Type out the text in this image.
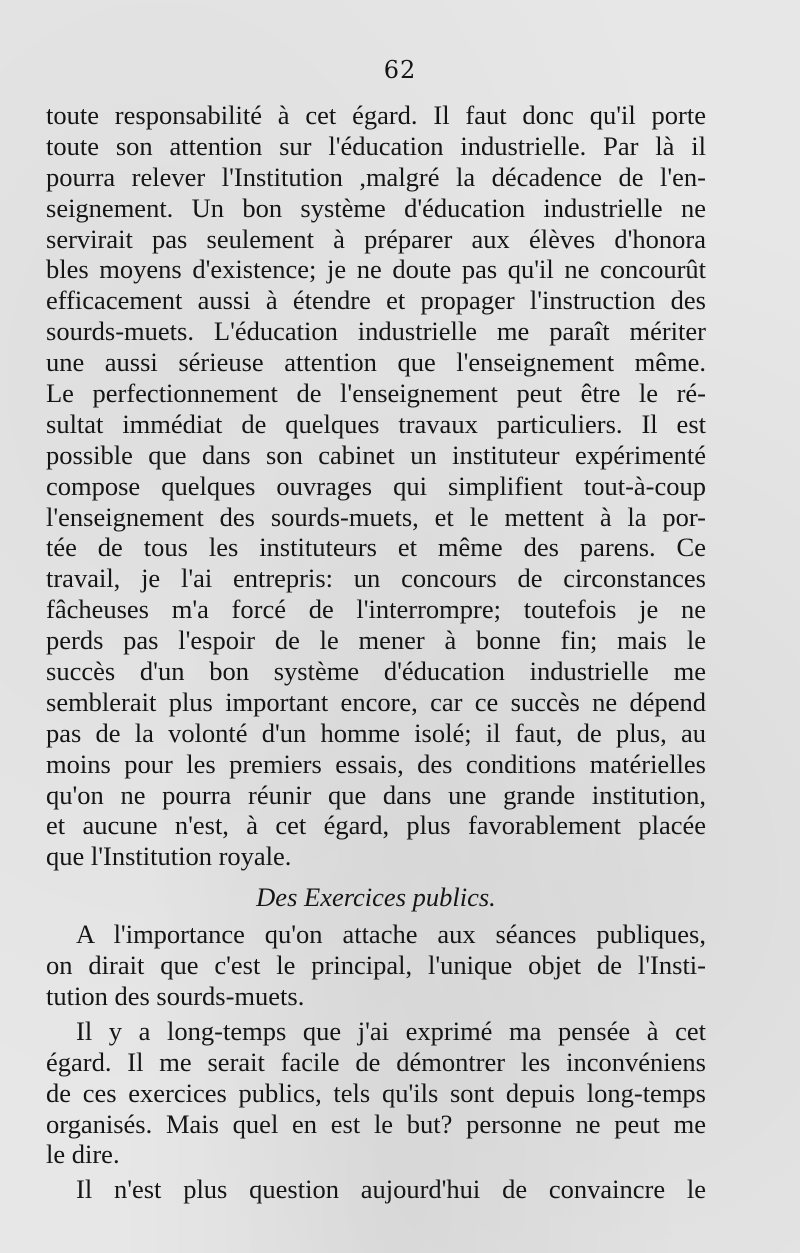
62
toute responsabilité à cet égard. Il faut donc qu'il porte
toute son attention sur l'éducation industrielle. Par là il
pourra relever l'Institution ,malgré la décadence de l'en-
seignement. Un bon système d'éducation industrielle ne
servirait pas seulement à préparer aux élèves d'honora
bles moyens d'existence; je ne doute pas qu'il ne concourût
efficacement aussi à étendre et propager l'instruction des
sourds-muets. L'éducation industrielle me paraît mériter
une aussi sérieuse attention que l'enseignement même.
Le perfectionnement de l'enseignement peut être le ré-
sultat immédiat de quelques travaux particuliers. Il est
possible que dans son cabinet un instituteur expérimenté
compose quelques ouvrages qui simplifient tout-à-coup
l'enseignement des sourds-muets, et le mettent à la por-
tée de tous les instituteurs et même des parens. Ce
travail, je l'ai entrepris: un concours de circonstances
fâcheuses m'a forcé de l'interrompre; toutefois je ne
perds pas l'espoir de le mener à bonne fin; mais le
succès d'un bon système d'éducation industrielle me
semblerait plus important encore, car ce succès ne dépend
pas de la volonté d'un homme isolé; il faut, de plus, au
moins pour les premiers essais, des conditions matérielles
qu'on ne pourra réunir que dans une grande institution,
et aucune n'est, à cet égard, plus favorablement placée
que l'Institution royale.
Des Exercices publics.
A l'importance qu'on attache aux séances publiques,
on dirait que c'est le principal, l'unique objet de l'Insti-
tution des sourds-muets.
Il y a long-temps que j'ai exprimé ma pensée à cet
égard. Il me serait facile de démontrer les inconvéniens
de ces exercices publics, tels qu'ils sont depuis long-temps
organisés. Mais quel en est le but? personne ne peut me
le dire.
Il n'est plus question aujourd'hui de convaincre le
